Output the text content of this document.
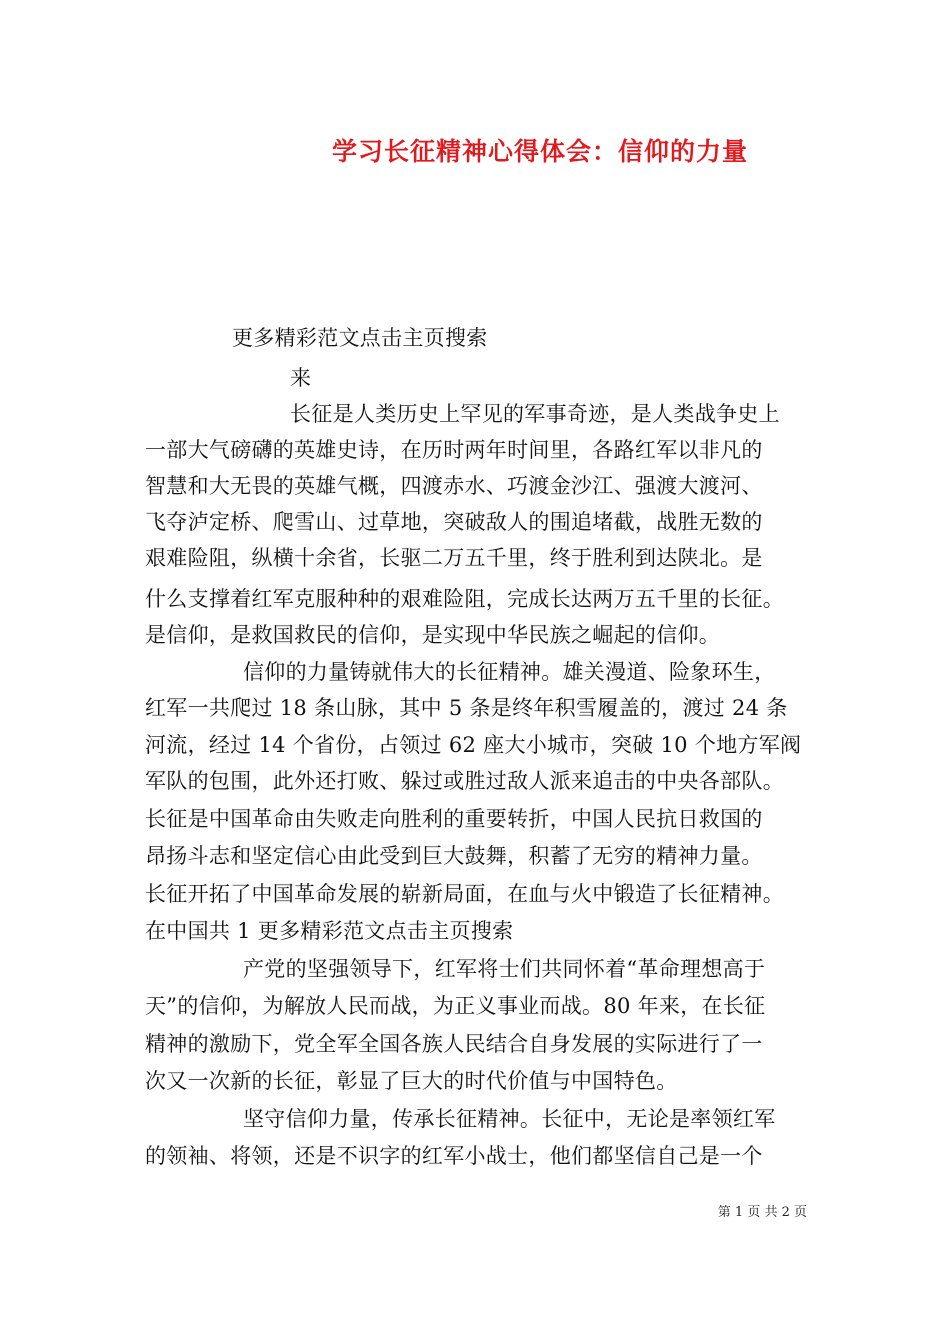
学习长征精神心得体会：信仰的力量
更多精彩范文点击主页搜索
来
长征是人类历史上罕见的军事奇迹，是人类战争史上
一部大气磅礴的英雄史诗，在历时两年时间里，各路红军以非凡的
智慧和大无畏的英雄气概，四渡赤水、巧渡金沙江、强渡大渡河、
飞夺泸定桥、爬雪山、过草地，突破敌人的围追堵截，战胜无数的
艰难险阻，纵横十余省，长驱二万五千里，终于胜利到达陕北。是
什么支撑着红军克服种种的艰难险阻，完成长达两万五千里的长征。
是信仰，是救国救民的信仰，是实现中华民族之崛起的信仰。
信仰的力量铸就伟大的长征精神。雄关漫道、险象环生，
红军一共爬过 18 条山脉，其中 5 条是终年积雪履盖的，渡过 24 条
河流，经过 14 个省份，占领过 62 座大小城市，突破 10 个地方军阀
军队的包围，此外还打败、躲过或胜过敌人派来追击的中央各部队。
长征是中国革命由失败走向胜利的重要转折，中国人民抗日救国的
昂扬斗志和坚定信心由此受到巨大鼓舞，积蓄了无穷的精神力量。
长征开拓了中国革命发展的崭新局面，在血与火中锻造了长征精神。
在中国共 1 更多精彩范文点击主页搜索
产党的坚强领导下，红军将士们共同怀着“革命理想高于
天”的信仰，为解放人民而战，为正义事业而战。80 年来，在长征
精神的激励下，党全军全国各族人民结合自身发展的实际进行了一
次又一次新的长征，彰显了巨大的时代价值与中国特色。
坚守信仰力量，传承长征精神。长征中，无论是率领红军
的领袖、将领，还是不识字的红军小战士，他们都坚信自己是一个
第 1 页 共 2 页
